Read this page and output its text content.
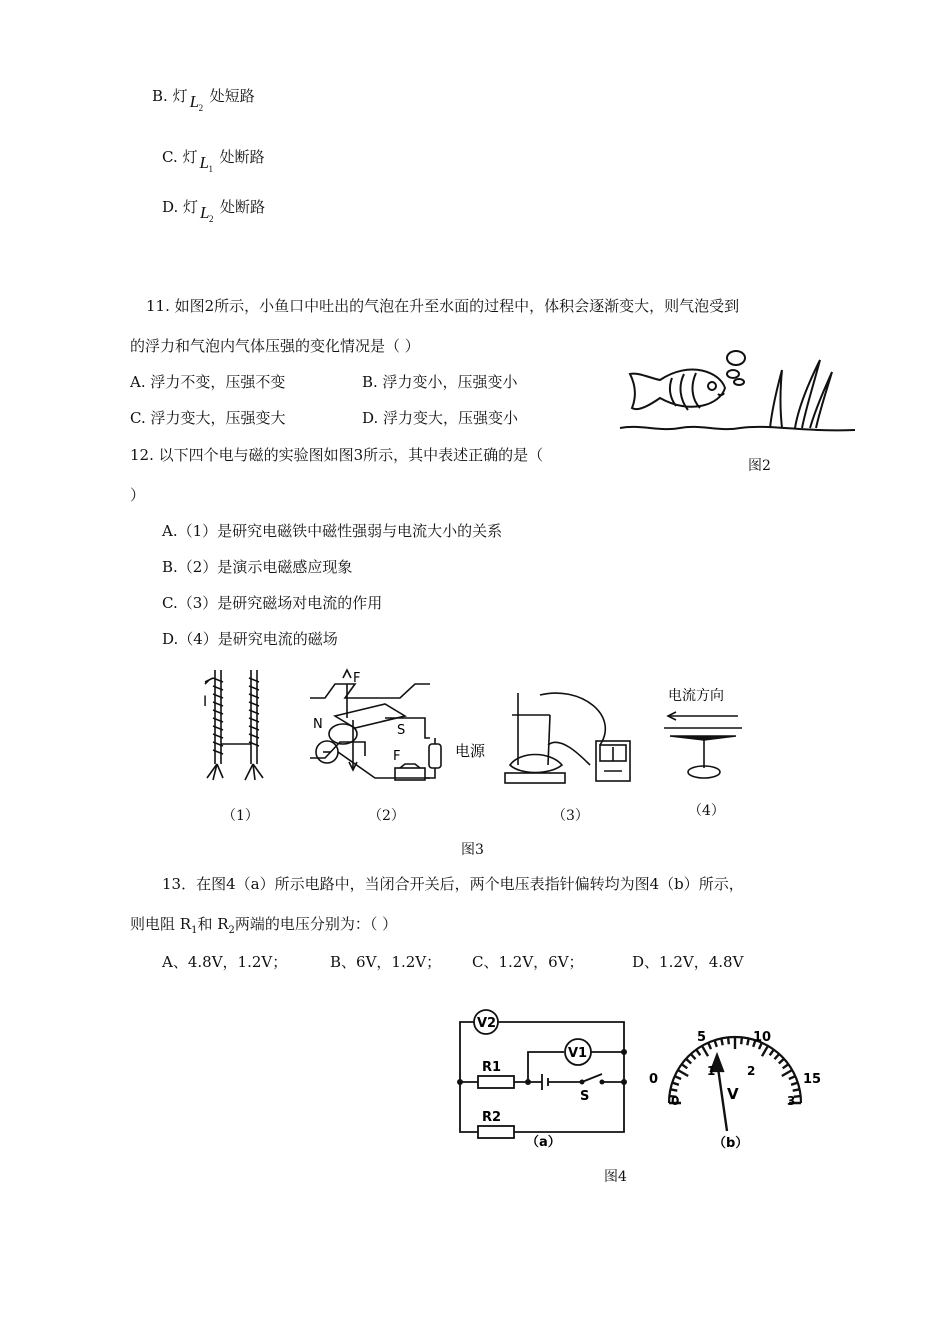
B. 灯 L 2
处短路
C. 灯 L 1
处断路
D. 灯 L 2
处断路
11. 如图2所示，小鱼口中吐出的气泡在升至水面的过程中，体积会逐渐变大，则气泡受到
的浮力和气泡内气体压强的变化情况是（ ）
A. 浮力不变，压强不变	B. 浮力变小，压强变小
C. 浮力变大，压强变大	D. 浮力变大，压强变小
图2
12. 以下四个电与磁的实验图如图3所示，其中表述正确的是（
）
A.（1）是研究电磁铁中磁性强弱与电流大小的关系
B.（2）是演示电磁感应现象
C.（3）是研究磁场对电流的作用
D.（4）是研究电流的磁场
I
（1）
F
N	S
F	电源
（2）	（3）
电流方向
（4）
图3
13．在图4（a）所示电路中，当闭合开关后，两个电压表指针偏转均为图4（b）所示，
则电阻 $R_1$和 $R_2$两端的电压分别为：（ ）
A、4.8V，1.2V；	B、6V，1.2V； C、1.2V，6V；	D、1.2V，4.8V
V2
V1
R1
R2
S
（a）
0
5	10
15
0
1	2
3
V
（b）
图4
